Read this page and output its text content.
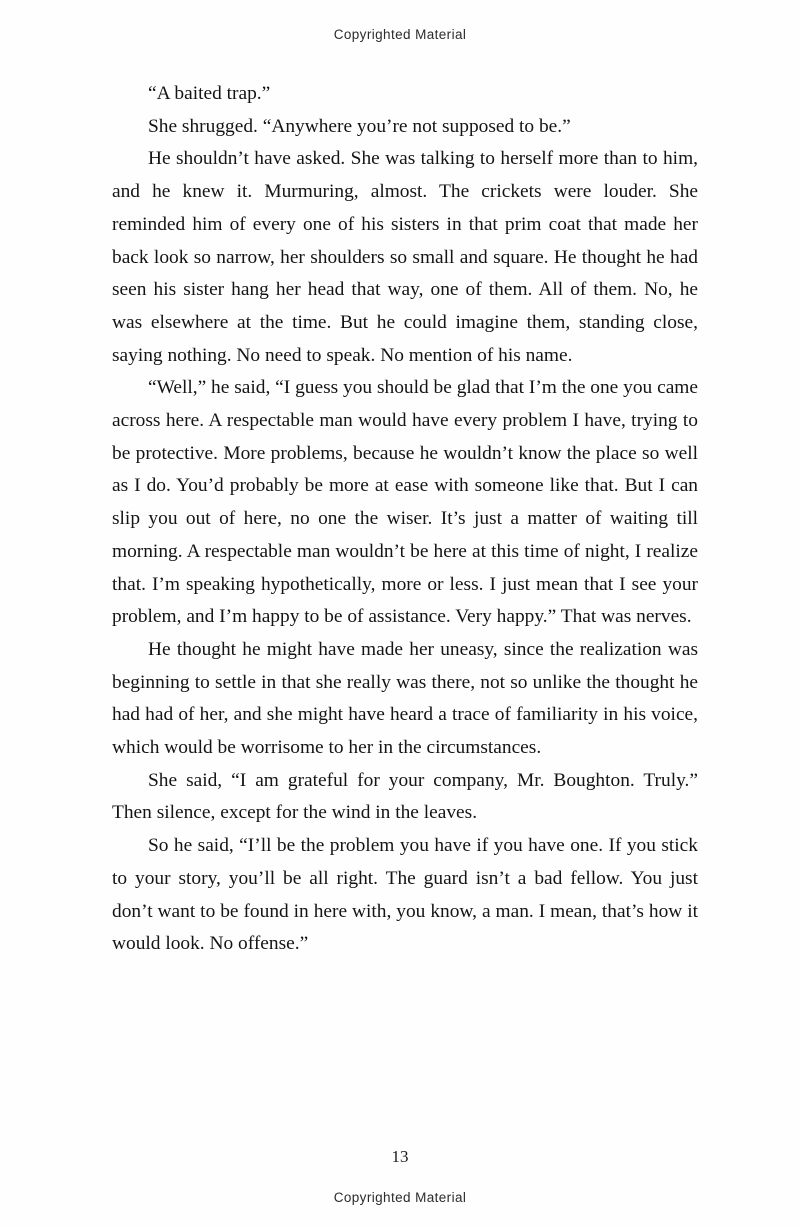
Copyrighted Material

“A baited trap.”

She shrugged. “Anywhere you’re not supposed to be.”

He shouldn’t have asked. She was talking to herself more than to him, and he knew it. Murmuring, almost. The crickets were louder. She reminded him of every one of his sisters in that prim coat that made her back look so narrow, her shoulders so small and square. He thought he had seen his sister hang her head that way, one of them. All of them. No, he was elsewhere at the time. But he could imagine them, standing close, saying nothing. No need to speak. No mention of his name.

“Well,” he said, “I guess you should be glad that I’m the one you came across here. A respectable man would have every problem I have, trying to be protective. More problems, because he wouldn’t know the place so well as I do. You’d probably be more at ease with someone like that. But I can slip you out of here, no one the wiser. It’s just a matter of waiting till morning. A respectable man wouldn’t be here at this time of night, I realize that. I’m speaking hypothetically, more or less. I just mean that I see your problem, and I’m happy to be of assistance. Very happy.” That was nerves.

He thought he might have made her uneasy, since the realization was beginning to settle in that she really was there, not so unlike the thought he had had of her, and she might have heard a trace of familiarity in his voice, which would be worrisome to her in the circumstances.

She said, “I am grateful for your company, Mr. Boughton. Truly.” Then silence, except for the wind in the leaves.

So he said, “I’ll be the problem you have if you have one. If you stick to your story, you’ll be all right. The guard isn’t a bad fellow. You just don’t want to be found in here with, you know, a man. I mean, that’s how it would look. No offense.”

13
Copyrighted Material
